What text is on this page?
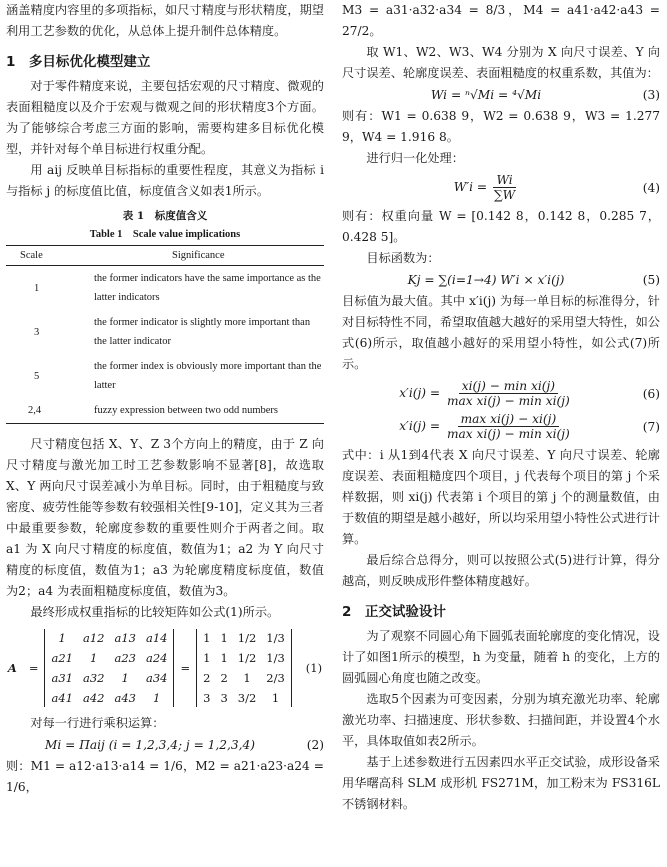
涵盖精度内容里的多项指标，如尺寸精度与形状精度，期望利用工艺参数的优化，从总体上提升制件总体精度。

1　多目标优化模型建立

对于零件精度来说，主要包括宏观的尺寸精度、微观的表面粗糙度以及介于宏观与微观之间的形状精度3个方面。为了能够综合考虑三方面的影响，需要构建多目标优化模型，并针对每个单目标进行权重分配。

用 aij 反映单目标指标的重要性程度，其意义为指标 i 与指标 j 的标度值比值，标度值含义如表1所示。

表 1　标度值含义
Table 1　Scale value implications
Scale	Significance
1	the former indicators have the same importance as the latter indicators
3	the former indicator is slightly more important than the latter indicator
5	the former index is obviously more important than the latter
2,4	fuzzy expression between two odd numbers

尺寸精度包括 X、Y、Z 3个方向上的精度，由于 Z 向尺寸精度与激光加工时工艺参数影响不显著[8]，故选取 X、Y 两向尺寸误差减小为单目标。同时，由于粗糙度与致密度、疲劳性能等参数有较强相关性[9-10]，定义其为三者中最重要参数，轮廓度参数的重要性则介于两者之间。取 a1 为 X 向尺寸精度的标度值，数值为1；a2 为 Y 向尺寸精度的标度值，数值为1；a3 为轮廓度精度标度值，数值为2；a4 为表面粗糙度标度值，数值为3。

最终形成权重指标的比较矩阵如公式(1)所示。

A =
1	a12 a13 a14
a21	1	a23 a24
a31 a32	1	a34
a41 a42 a43	1
=
1 1 1/2 1/3
1 1 1/2 1/3
2 2	1	2/3
3 3 3/2	1
(1)

对每一行进行乘积运算：

Mi = Πaij (i = 1,2,3,4; j = 1,2,3,4)	(2)

则：M1 = a12·a13·a14 = 1/6，M2 = a21·a23·a24 = 1/6，

M3 = a31·a32·a34 = 8/3，M4 = a41·a42·a43 = 27/2。

取 W1、W2、W3、W4 分别为 X 向尺寸误差、Y 向尺寸误差、轮廓度误差、表面粗糙度的权重系数，其值为：

Wi = ⁿ√Mi = ⁴√Mi	(3)

则有：W1 = 0.638 9，W2 = 0.638 9，W3 = 1.277 9，W4 = 1.916 8。

进行归一化处理：

$W'i = \frac{Wi}{\sum W}$	(4)

则有：权重向量 W = [0.142 8，0.142 8，0.285 7，0.428 5]。

目标函数为：

Kj = ∑(i=1→4) W′i × x′i(j)	(5)

目标值为最大值。其中 x′i(j) 为每一单目标的标准得分，针对目标特性不同，希望取值越大越好的采用望大特性，如公式(6)所示，取值越小越好的采用望小特性，如公式(7)所示。

$x'i(j) = \frac{\text{xi(j) − min xi(j)}}{\text{max xi(j) − min xi(j)}}$	(6)
$x'i(j) = \frac{\text{max xi(j) − xi(j)}}{\text{max xi(j) − min xi(j)}}$	(7)

式中：i 从1到4代表 X 向尺寸误差、Y 向尺寸误差、轮廓度误差、表面粗糙度四个项目，j 代表每个项目的第 j 个采样数据，则 xi(j) 代表第 i 个项目的第 j 个的测量数值，由于数值的期望是越小越好，所以均采用望小特性公式进行计算。

最后综合总得分，则可以按照公式(5)进行计算，得分越高，则反映成形件整体精度越好。

2　正交试验设计

为了观察不同圆心角下圆弧表面轮廓度的变化情况，设计了如图1所示的模型，h 为变量，随着 h 的变化，上方的圆弧圆心角度也随之改变。

选取5个因素为可变因素，分别为填充激光功率、轮廓激光功率、扫描速度、形状参数、扫描间距，并设置4个水平，具体取值如表2所示。

基于上述参数进行五因素四水平正交试验，成形设备采用华曙高科 SLM 成形机 FS271M，加工粉末为 FS316L 不锈钢材料。
